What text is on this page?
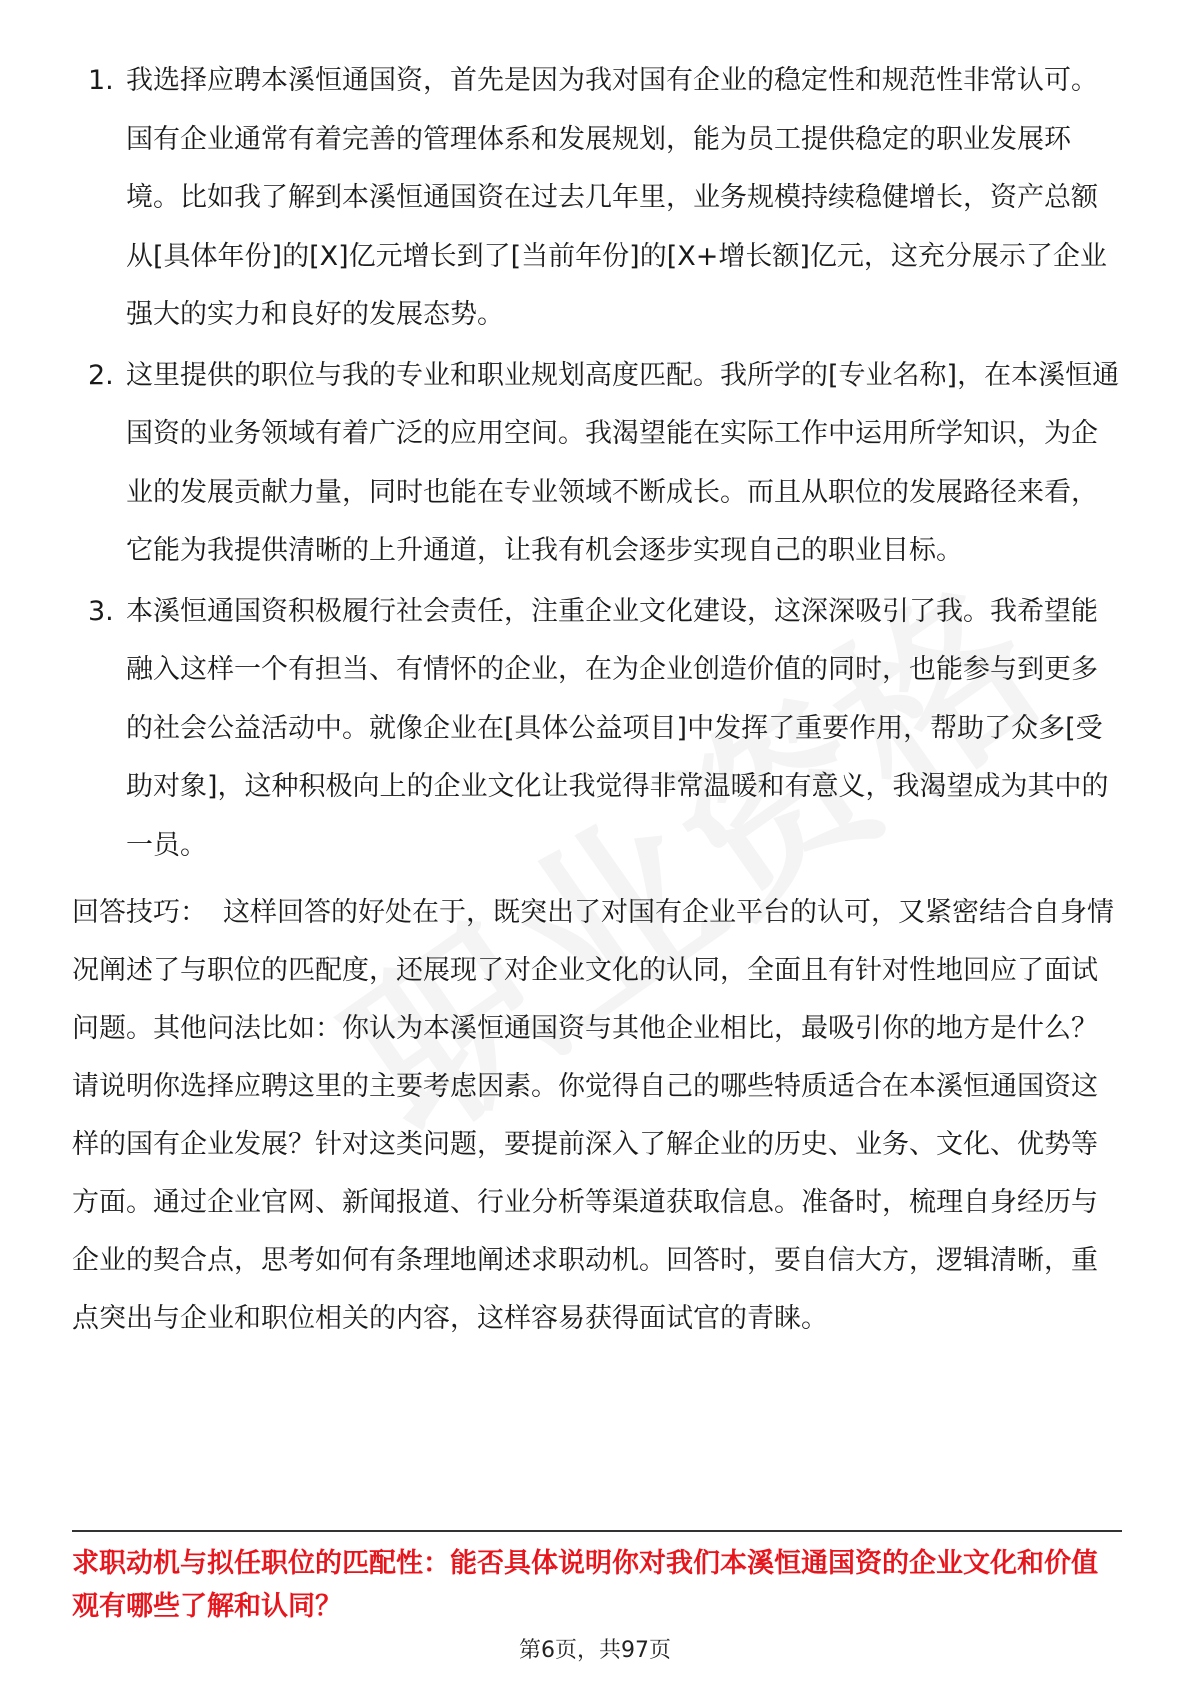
1. 我选择应聘本溪恒通国资，首先是因为我对国有企业的稳定性和规范性非常认可。国有企业通常有着完善的管理体系和发展规划，能为员工提供稳定的职业发展环境。比如我了解到本溪恒通国资在过去几年里，业务规模持续稳健增长，资产总额从[具体年份]的[X]亿元增长到了[当前年份]的[X+增长额]亿元，这充分展示了企业强大的实力和良好的发展态势。
2. 这里提供的职位与我的专业和职业规划高度匹配。我所学的[专业名称]，在本溪恒通国资的业务领域有着广泛的应用空间。我渴望能在实际工作中运用所学知识，为企业的发展贡献力量，同时也能在专业领域不断成长。而且从职位的发展路径来看，它能为我提供清晰的上升通道，让我有机会逐步实现自己的职业目标。
3. 本溪恒通国资积极履行社会责任，注重企业文化建设，这深深吸引了我。我希望能融入这样一个有担当、有情怀的企业，在为企业创造价值的同时，也能参与到更多的社会公益活动中。就像企业在[具体公益项目]中发挥了重要作用，帮助了众多[受助对象]，这种积极向上的企业文化让我觉得非常温暖和有意义，我渴望成为其中的一员。

回答技巧： 这样回答的好处在于，既突出了对国有企业平台的认可，又紧密结合自身情况阐述了与职位的匹配度，还展现了对企业文化的认同，全面且有针对性地回应了面试问题。其他问法比如：你认为本溪恒通国资与其他企业相比，最吸引你的地方是什么？请说明你选择应聘这里的主要考虑因素。你觉得自己的哪些特质适合在本溪恒通国资这样的国有企业发展？针对这类问题，要提前深入了解企业的历史、业务、文化、优势等方面。通过企业官网、新闻报道、行业分析等渠道获取信息。准备时，梳理自身经历与企业的契合点，思考如何有条理地阐述求职动机。回答时，要自信大方，逻辑清晰，重点突出与企业和职位相关的内容，这样容易获得面试官的青睐。

求职动机与拟任职位的匹配性：能否具体说明你对我们本溪恒通国资的企业文化和价值观有哪些了解和认同？

第6页，共97页
